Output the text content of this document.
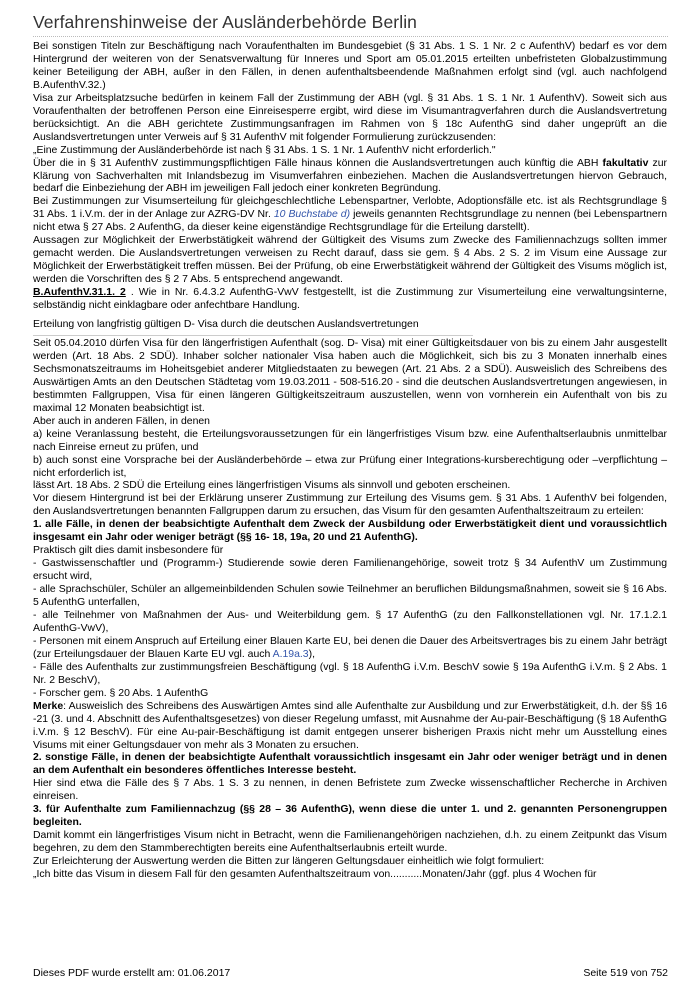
Verfahrenshinweise der Ausländerbehörde Berlin

Bei sonstigen Titeln zur Beschäftigung nach Voraufenthalten im Bundesgebiet (§ 31 Abs. 1 S. 1 Nr. 2 c AufenthV) bedarf es vor dem Hintergrund der weiteren von der Senatsverwaltung für Inneres und Sport am 05.01.2015 erteilten unbefristeten Globalzustimmung keiner Beteiligung der ABH, außer in den Fällen, in denen aufenthaltsbeendende Maßnahmen erfolgt sind (vgl. auch nachfolgend B.AufenthV.32.)

Visa zur Arbeitsplatzsuche bedürfen in keinem Fall der Zustimmung der ABH (vgl. § 31 Abs. 1 S. 1 Nr. 1 AufenthV). Soweit sich aus Voraufenthalten der betroffenen Person eine Einreisesperre ergibt, wird diese im Visumantragverfahren durch die Auslandsvertretung berücksichtigt. An die ABH gerichtete Zustimmungsanfragen im Rahmen von § 18c AufenthG sind daher ungeprüft an die Auslandsvertretungen unter Verweis auf § 31 AufenthV mit folgender Formulierung zurückzusenden:

„Eine Zustimmung der Ausländerbehörde ist nach § 31 Abs. 1 S. 1 Nr. 1 AufenthV nicht erforderlich."

Über die in § 31 AufenthV zustimmungspflichtigen Fälle hinaus können die Auslandsvertretungen auch künftig die ABH fakultativ zur Klärung von Sachverhalten mit Inlandsbezug im Visumverfahren einbeziehen. Machen die Auslandsvertretungen hiervon Gebrauch, bedarf die Einbeziehung der ABH im jeweiligen Fall jedoch einer konkreten Begründung.

Bei Zustimmungen zur Visumserteilung für gleichgeschlechtliche Lebenspartner, Verlobte, Adoptionsfälle etc. ist als Rechtsgrundlage § 31 Abs. 1 i.V.m. der in der Anlage zur AZRG-DV Nr. 10 Buchstabe d) jeweils genannten Rechtsgrundlage zu nennen (bei Lebenspartnern nicht etwa § 27 Abs. 2 AufenthG, da dieser keine eigenständige Rechtsgrundlage für die Erteilung darstellt).

Aussagen zur Möglichkeit der Erwerbstätigkeit während der Gültigkeit des Visums zum Zwecke des Familiennachzugs sollten immer gemacht werden. Die Auslandsvertretungen verweisen zu Recht darauf, dass sie gem. § 4 Abs. 2 S. 2 im Visum eine Aussage zur Möglichkeit der Erwerbstätigkeit treffen müssen. Bei der Prüfung, ob eine Erwerbstätigkeit während der Gültigkeit des Visums möglich ist, werden die Vorschriften des § 2 7 Abs. 5 entsprechend angewandt.

B.AufenthV.31.1. 2 . Wie in Nr. 6.4.3.2 AufenthG-VwV festgestellt, ist die Zustimmung zur Visumerteilung eine verwaltungsinterne, selbständig nicht einklagbare oder anfechtbare Handlung.

Erteilung von langfristig gültigen D- Visa durch die deutschen Auslandsvertretungen

Seit 05.04.2010 dürfen Visa für den längerfristigen Aufenthalt (sog. D- Visa) mit einer Gültigkeitsdauer von bis zu einem Jahr ausgestellt werden (Art. 18 Abs. 2 SDÜ). Inhaber solcher nationaler Visa haben auch die Möglichkeit, sich bis zu 3 Monaten innerhalb eines Sechsmonatszeitraums im Hoheitsgebiet anderer Mitgliedstaaten zu bewegen (Art. 21 Abs. 2 a SDÜ). Ausweislich des Schreibens des Auswärtigen Amts an den Deutschen Städtetag vom 19.03.2011 - 508-516.20 - sind die deutschen Auslandsvertretungen angewiesen, in bestimmten Fallgruppen, Visa für einen längeren Gültigkeitszeitraum auszustellen, wenn von vornherein ein Aufenthalt von bis zu maximal 12 Monaten beabsichtigt ist.

Aber auch in anderen Fällen, in denen

a) keine Veranlassung besteht, die Erteilungsvoraussetzungen für ein längerfristiges Visum bzw. eine Aufenthaltserlaubnis unmittelbar nach Einreise erneut zu prüfen, und

b) auch sonst eine Vorsprache bei der Ausländerbehörde – etwa zur Prüfung einer Integrations-kursberechtigung oder –verpflichtung – nicht erforderlich ist,

lässt Art. 18 Abs. 2 SDÜ die Erteilung eines längerfristigen Visums als sinnvoll und geboten erscheinen.

Vor diesem Hintergrund ist bei der Erklärung unserer Zustimmung zur Erteilung des Visums gem. § 31 Abs. 1 AufenthV bei folgenden, den Auslandsvertretungen benannten Fallgruppen darum zu ersuchen, das Visum für den gesamten Aufenthaltszeitraum zu erteilen:

1. alle Fälle, in denen der beabsichtigte Aufenthalt dem Zweck der Ausbildung oder Erwerbstätigkeit dient und voraussichtlich insgesamt ein Jahr oder weniger beträgt (§§ 16- 18, 19a, 20 und 21 AufenthG).

Praktisch gilt dies damit insbesondere für

- Gastwissenschaftler und (Programm-) Studierende sowie deren Familienangehörige, soweit trotz § 34 AufenthV um Zustimmung ersucht wird,

- alle Sprachschüler, Schüler an allgemeinbildenden Schulen sowie Teilnehmer an beruflichen Bildungsmaßnahmen, soweit sie § 16 Abs. 5 AufenthG unterfallen,

- alle Teilnehmer von Maßnahmen der Aus- und Weiterbildung gem. § 17 AufenthG (zu den Fallkonstellationen vgl. Nr. 17.1.2.1 AufenthG-VwV),

- Personen mit einem Anspruch auf Erteilung einer Blauen Karte EU, bei denen die Dauer des Arbeitsvertrages bis zu einem Jahr beträgt (zur Erteilungsdauer der Blauen Karte EU vgl. auch A.19a.3),

- Fälle des Aufenthalts zur zustimmungsfreien Beschäftigung (vgl. § 18 AufenthG i.V.m. BeschV sowie § 19a AufenthG i.V.m. § 2 Abs. 1 Nr. 2 BeschV),

- Forscher gem. § 20 Abs. 1 AufenthG

Merke: Ausweislich des Schreibens des Auswärtigen Amtes sind alle Aufenthalte zur Ausbildung und zur Erwerbstätigkeit, d.h. der §§ 16 -21 (3. und 4. Abschnitt des Aufenthaltsgesetzes) von dieser Regelung umfasst, mit Ausnahme der Au-pair-Beschäftigung (§ 18 AufenthG i.V.m. § 12 BeschV). Für eine Au-pair-Beschäftigung ist damit entgegen unserer bisherigen Praxis nicht mehr um Ausstellung eines Visums mit einer Geltungsdauer von mehr als 3 Monaten zu ersuchen.

2. sonstige Fälle, in denen der beabsichtigte Aufenthalt voraussichtlich insgesamt ein Jahr oder weniger beträgt und in denen an dem Aufenthalt ein besonderes öffentliches Interesse besteht.

Hier sind etwa die Fälle des § 7 Abs. 1 S. 3 zu nennen, in denen Befristete zum Zwecke wissenschaftlicher Recherche in Archiven einreisen.

3. für Aufenthalte zum Familiennachzug (§§ 28 – 36 AufenthG), wenn diese die unter 1. und 2. genannten Personengruppen begleiten.

Damit kommt ein längerfristiges Visum nicht in Betracht, wenn die Familienangehörigen nachziehen, d.h. zu einem Zeitpunkt das Visum begehren, zu dem den Stammberechtigten bereits eine Aufenthaltserlaubnis erteilt wurde.

Zur Erleichterung der Auswertung werden die Bitten zur längeren Geltungsdauer einheitlich wie folgt formuliert:

„Ich bitte das Visum in diesem Fall für den gesamten Aufenthaltszeitraum von...........Monaten/Jahr (ggf. plus 4 Wochen für

Dieses PDF wurde erstellt am: 01.06.2017	Seite 519 von 752
